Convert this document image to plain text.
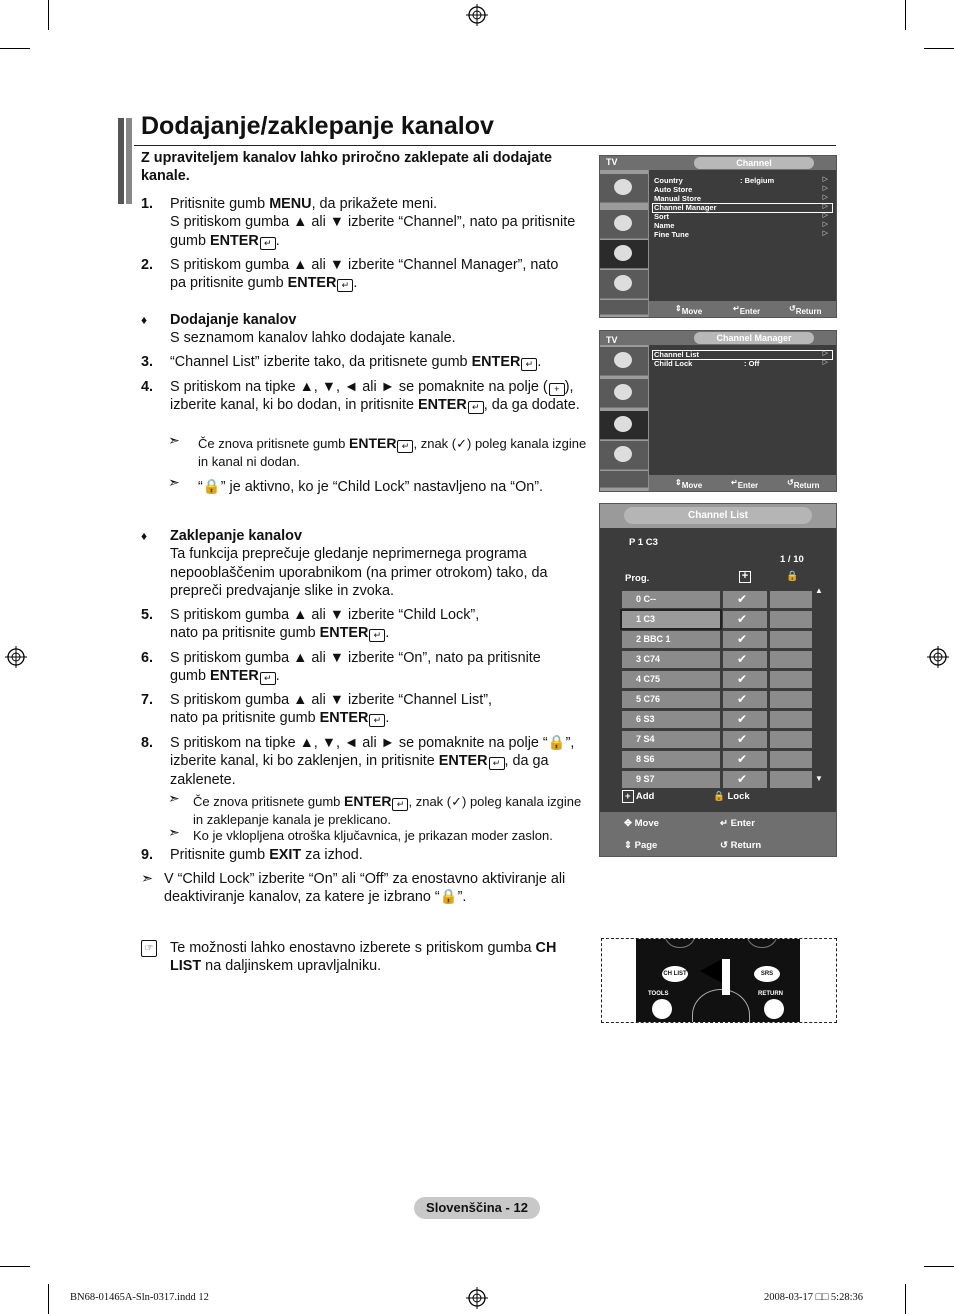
Dodajanje/zaklepanje kanalov
Z upraviteljem kanalov lahko priročno zaklepate ali dodajate kanale.
1. Pritisnite gumb MENU, da prikažete meni.
S pritiskom gumba ▲ ali ▼ izberite “Channel”, nato pa pritisnite gumb ENTER ↵ .
2. S pritiskom gumba ▲ ali ▼ izberite “Channel Manager”, nato pa pritisnite gumb ENTER ↵ .
♦ Dodajanje kanalov
S seznamom kanalov lahko dodajate kanale.
3. “Channel List” izberite tako, da pritisnete gumb ENTER ↵ .
4. S pritiskom na tipke ▲, ▼, ◄ ali ► se pomaknite na polje ( + ), izberite kanal, ki bo dodan, in pritisnite ENTER ↵ , da ga dodate.
➣ Če znova pritisnete gumb ENTER ↵ , znak (✓) poleg kanala izgine in kanal ni dodan.
➣ “🔒” je aktivno, ko je “Child Lock” nastavljeno na “On”.
♦ Zaklepanje kanalov
Ta funkcija preprečuje gledanje neprimernega programa nepooblaščenim uporabnikom (na primer otrokom) tako, da prepreči predvajanje slike in zvoka.
5. S pritiskom gumba ▲ ali ▼ izberite “Child Lock”, nato pa pritisnite gumb ENTER ↵ .
6. S pritiskom gumba ▲ ali ▼ izberite “On”, nato pa pritisnite gumb ENTER ↵ .
7. S pritiskom gumba ▲ ali ▼ izberite “Channel List”, nato pa pritisnite gumb ENTER ↵ .
8. S pritiskom na tipke ▲, ▼, ◄ ali ► se pomaknite na polje “🔒”, izberite kanal, ki bo zaklenjen, in pritisnite ENTER ↵ , da ga zaklenete.
➣ Če znova pritisnete gumb ENTER ↵ , znak (✓) poleg kanala izgine in zaklepanje kanala je preklicano.
➣ Ko je vklopljena otroška ključavnica, je prikazan moder zaslon.
9. Pritisnite gumb EXIT za izhod.
➣ V “Child Lock” izberite “On” ali “Off” za enostavno aktiviranje ali deaktiviranje kanalov, za katere je izbrano “🔒”.
☞ Te možnosti lahko enostavno izberete s pritiskom gumba CH LIST na daljinskem upravljalniku.
TV	Channel
Country	: Belgium
Auto Store
Manual Store
Channel Manager
Sort
Name
Fine Tune
▷
▷
▷
▷
▷
▷
▷
⇕ Move	↵ Enter	↺ Return
TV	Channel Manager
Channel List
Child Lock	: Off
▷
▷
⇕ Move	↵ Enter	↺ Return
Channel List
P 1 C3
1 / 10
Prog.	+	🔒
0 C--	✔
1 C3	✔
2 BBC 1	✔
3 C74	✔
4 C75	✔
5 C76	✔
6 S3	✔
7 S4	✔
8 S6	✔
9 S7	✔
▲
▼
+ Add	🔒 Lock
✥ Move	↵ Enter
⇕ Page	↺ Return
CH LIST	SRS
TOOLS	RETURN
Slovenščina - 12
BN68-01465A-Sln-0317.indd 12	2008-03-17 □□ 5:28:36
